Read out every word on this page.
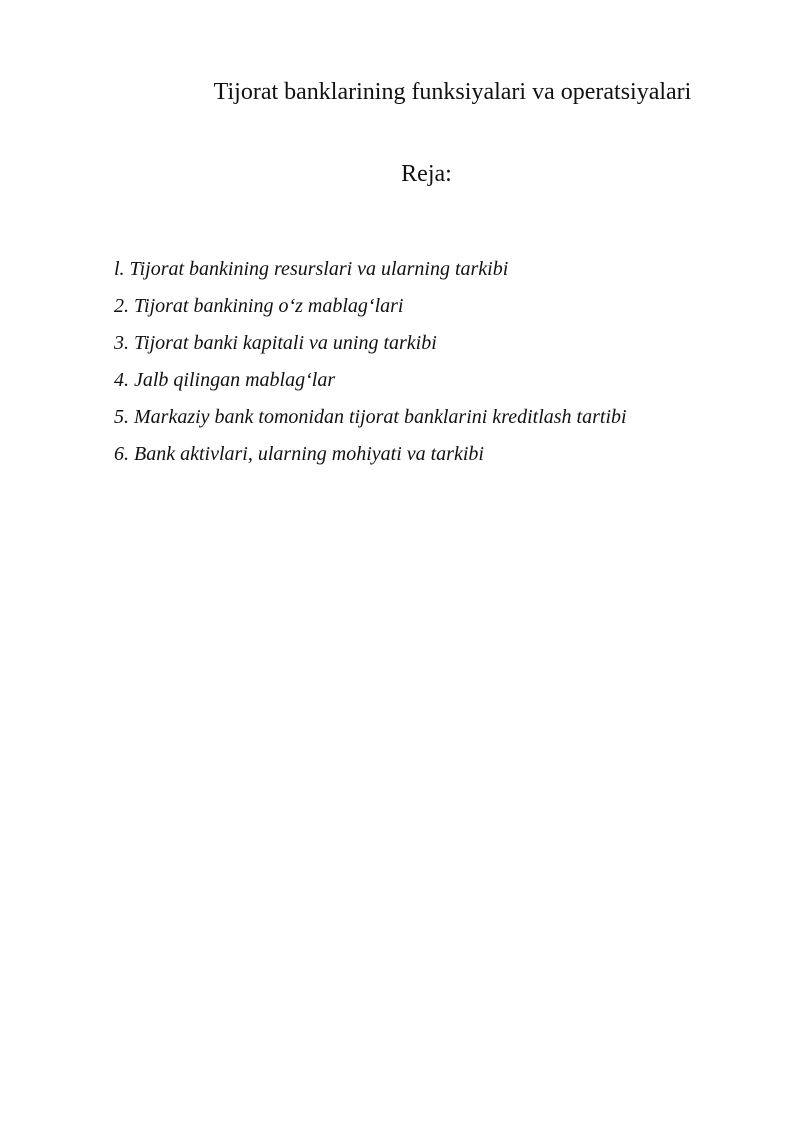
Tijorat banklarining funksiyalari va operatsiyalari
Reja:
l. Tijorat bankining resurslari va ularning tarkibi
2. Tijorat bankining o‘z mablag‘lari
3. Tijorat banki kapitali va uning tarkibi
4. Jalb qilingan mablag‘lar
5. Markaziy bank tomonidan tijorat banklarini kreditlash tartibi
6. Bank aktivlari, ularning mohiyati va tarkibi
